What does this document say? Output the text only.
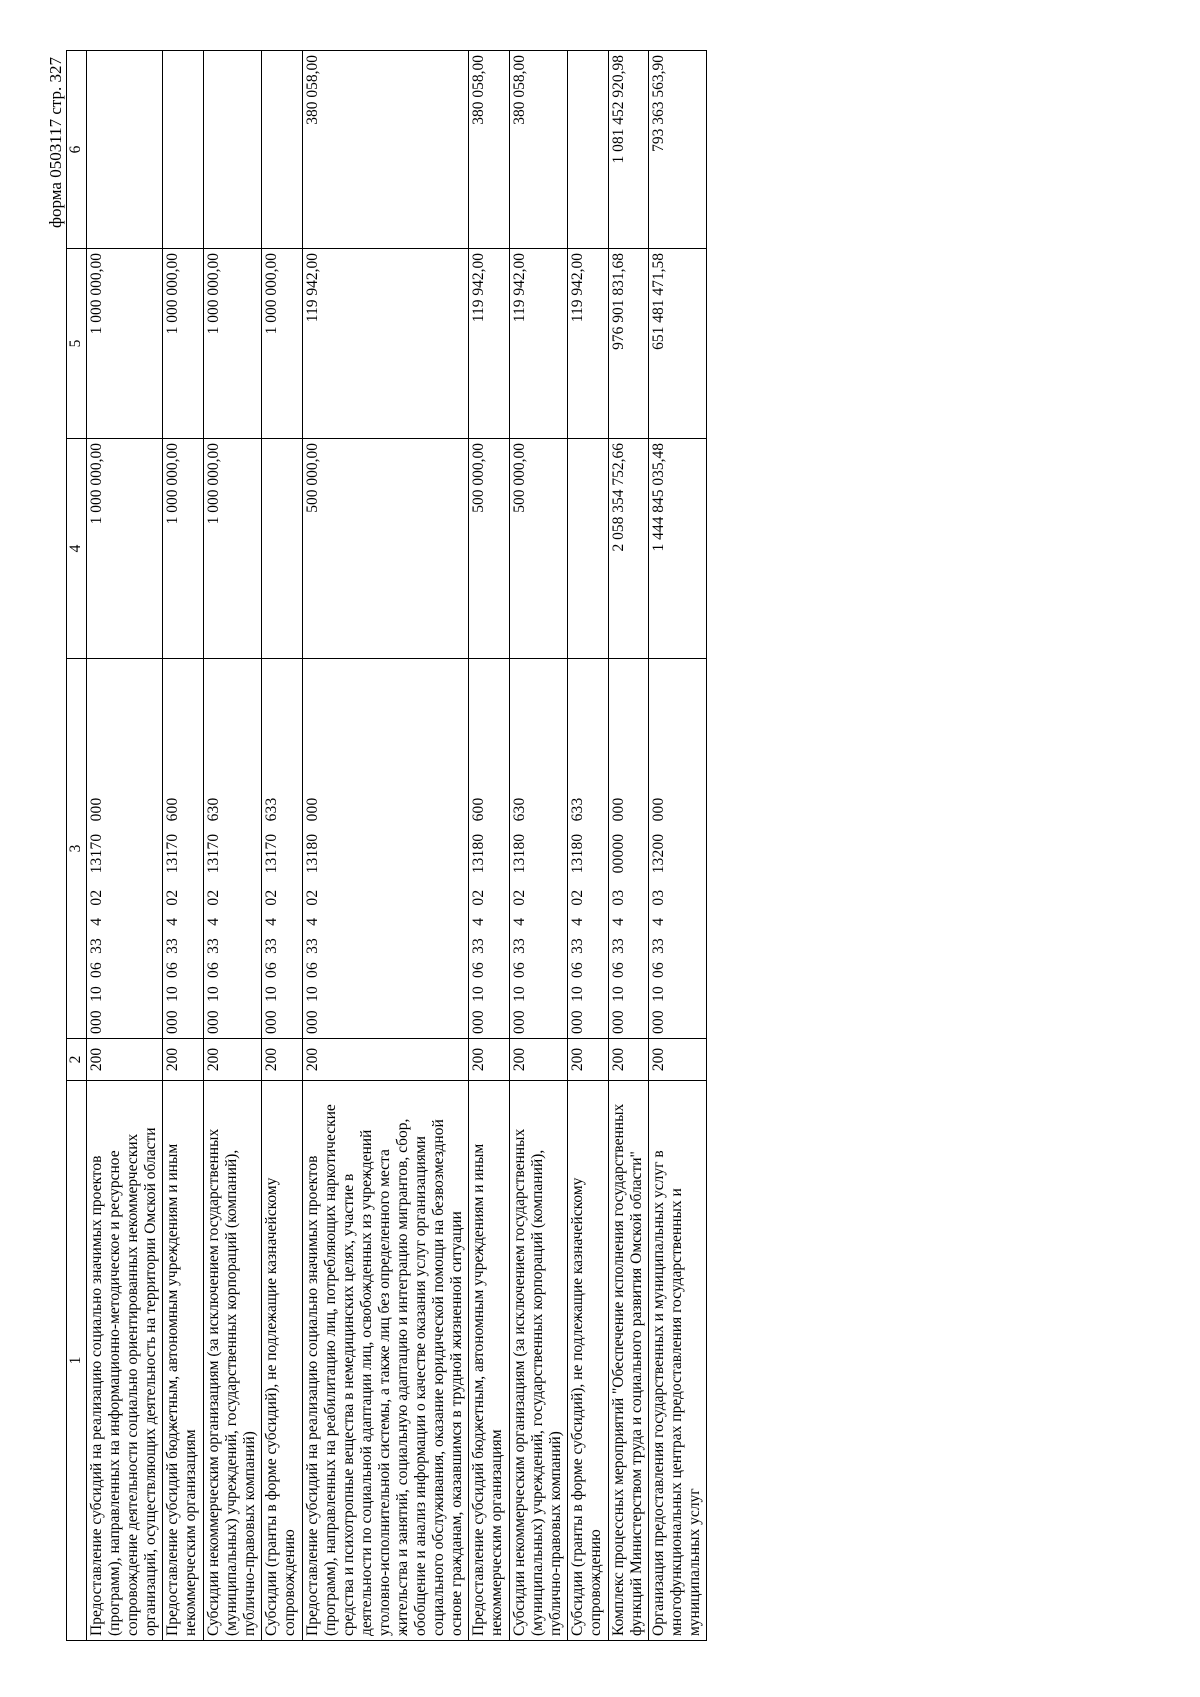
форма 0503117 стр. 327
1	2	3	4	5	6
Предоставление субсидий на реализацию социально значимых проектов (программ), направленных на информационно-методическое и ресурсное сопровождение деятельности социально ориентированных некоммерческих организаций, осуществляющих деятельность на территории Омской области	200	000  10  06  33   4   02    13170   000	1 000 000,00	1 000 000,00	
Предоставление субсидий бюджетным, автономным учреждениям и иным некоммерческим организациям	200	000  10  06  33   4   02    13170   600	1 000 000,00	1 000 000,00	
Субсидии некоммерческим организациям (за исключением государственных (муниципальных) учреждений, государственных корпораций (компаний), публично-правовых компаний)	200	000  10  06  33   4   02    13170   630	1 000 000,00	1 000 000,00	
Субсидии (гранты в форме субсидий), не подлежащие казначейскому сопровождению	200	000  10  06  33   4   02    13170   633		1 000 000,00	
Предоставление субсидий на реализацию социально значимых проектов (программ), направленных на реабилитацию лиц, потребляющих наркотические средства и психотропные вещества в немедицинских целях, участие в деятельности по социальной адаптации лиц, освобожденных из учреждений уголовно-исполнительной системы, а также лиц без определенного места жительства и занятий, социальную адаптацию и интеграцию мигрантов, сбор, обобщение и анализ информации о качестве оказания услуг организациями социального обслуживания, оказание юридической помощи на безвозмездной основе гражданам, оказавшимся в трудной жизненной ситуации	200	000  10  06  33   4   02    13180   000	500 000,00	119 942,00	380 058,00
Предоставление субсидий бюджетным, автономным учреждениям и иным некоммерческим организациям	200	000  10  06  33   4   02    13180   600	500 000,00	119 942,00	380 058,00
Субсидии некоммерческим организациям (за исключением государственных (муниципальных) учреждений, государственных корпораций (компаний), публично-правовых компаний)	200	000  10  06  33   4   02    13180   630	500 000,00	119 942,00	380 058,00
Субсидии (гранты в форме субсидий), не подлежащие казначейскому сопровождению	200	000  10  06  33   4   02    13180   633		119 942,00	
Комплекс процессных мероприятий "Обеспечение исполнения государственных функций Министерством труда и социального развития Омской области"	200	000  10  06  33   4   03    00000   000	2 058 354 752,66	976 901 831,68	1 081 452 920,98
Организация предоставления государственных и муниципальных услуг в многофункциональных центрах предоставления государственных и муниципальных услуг	200	000  10  06  33   4   03    13200   000	1 444 845 035,48	651 481 471,58	793 363 563,90
